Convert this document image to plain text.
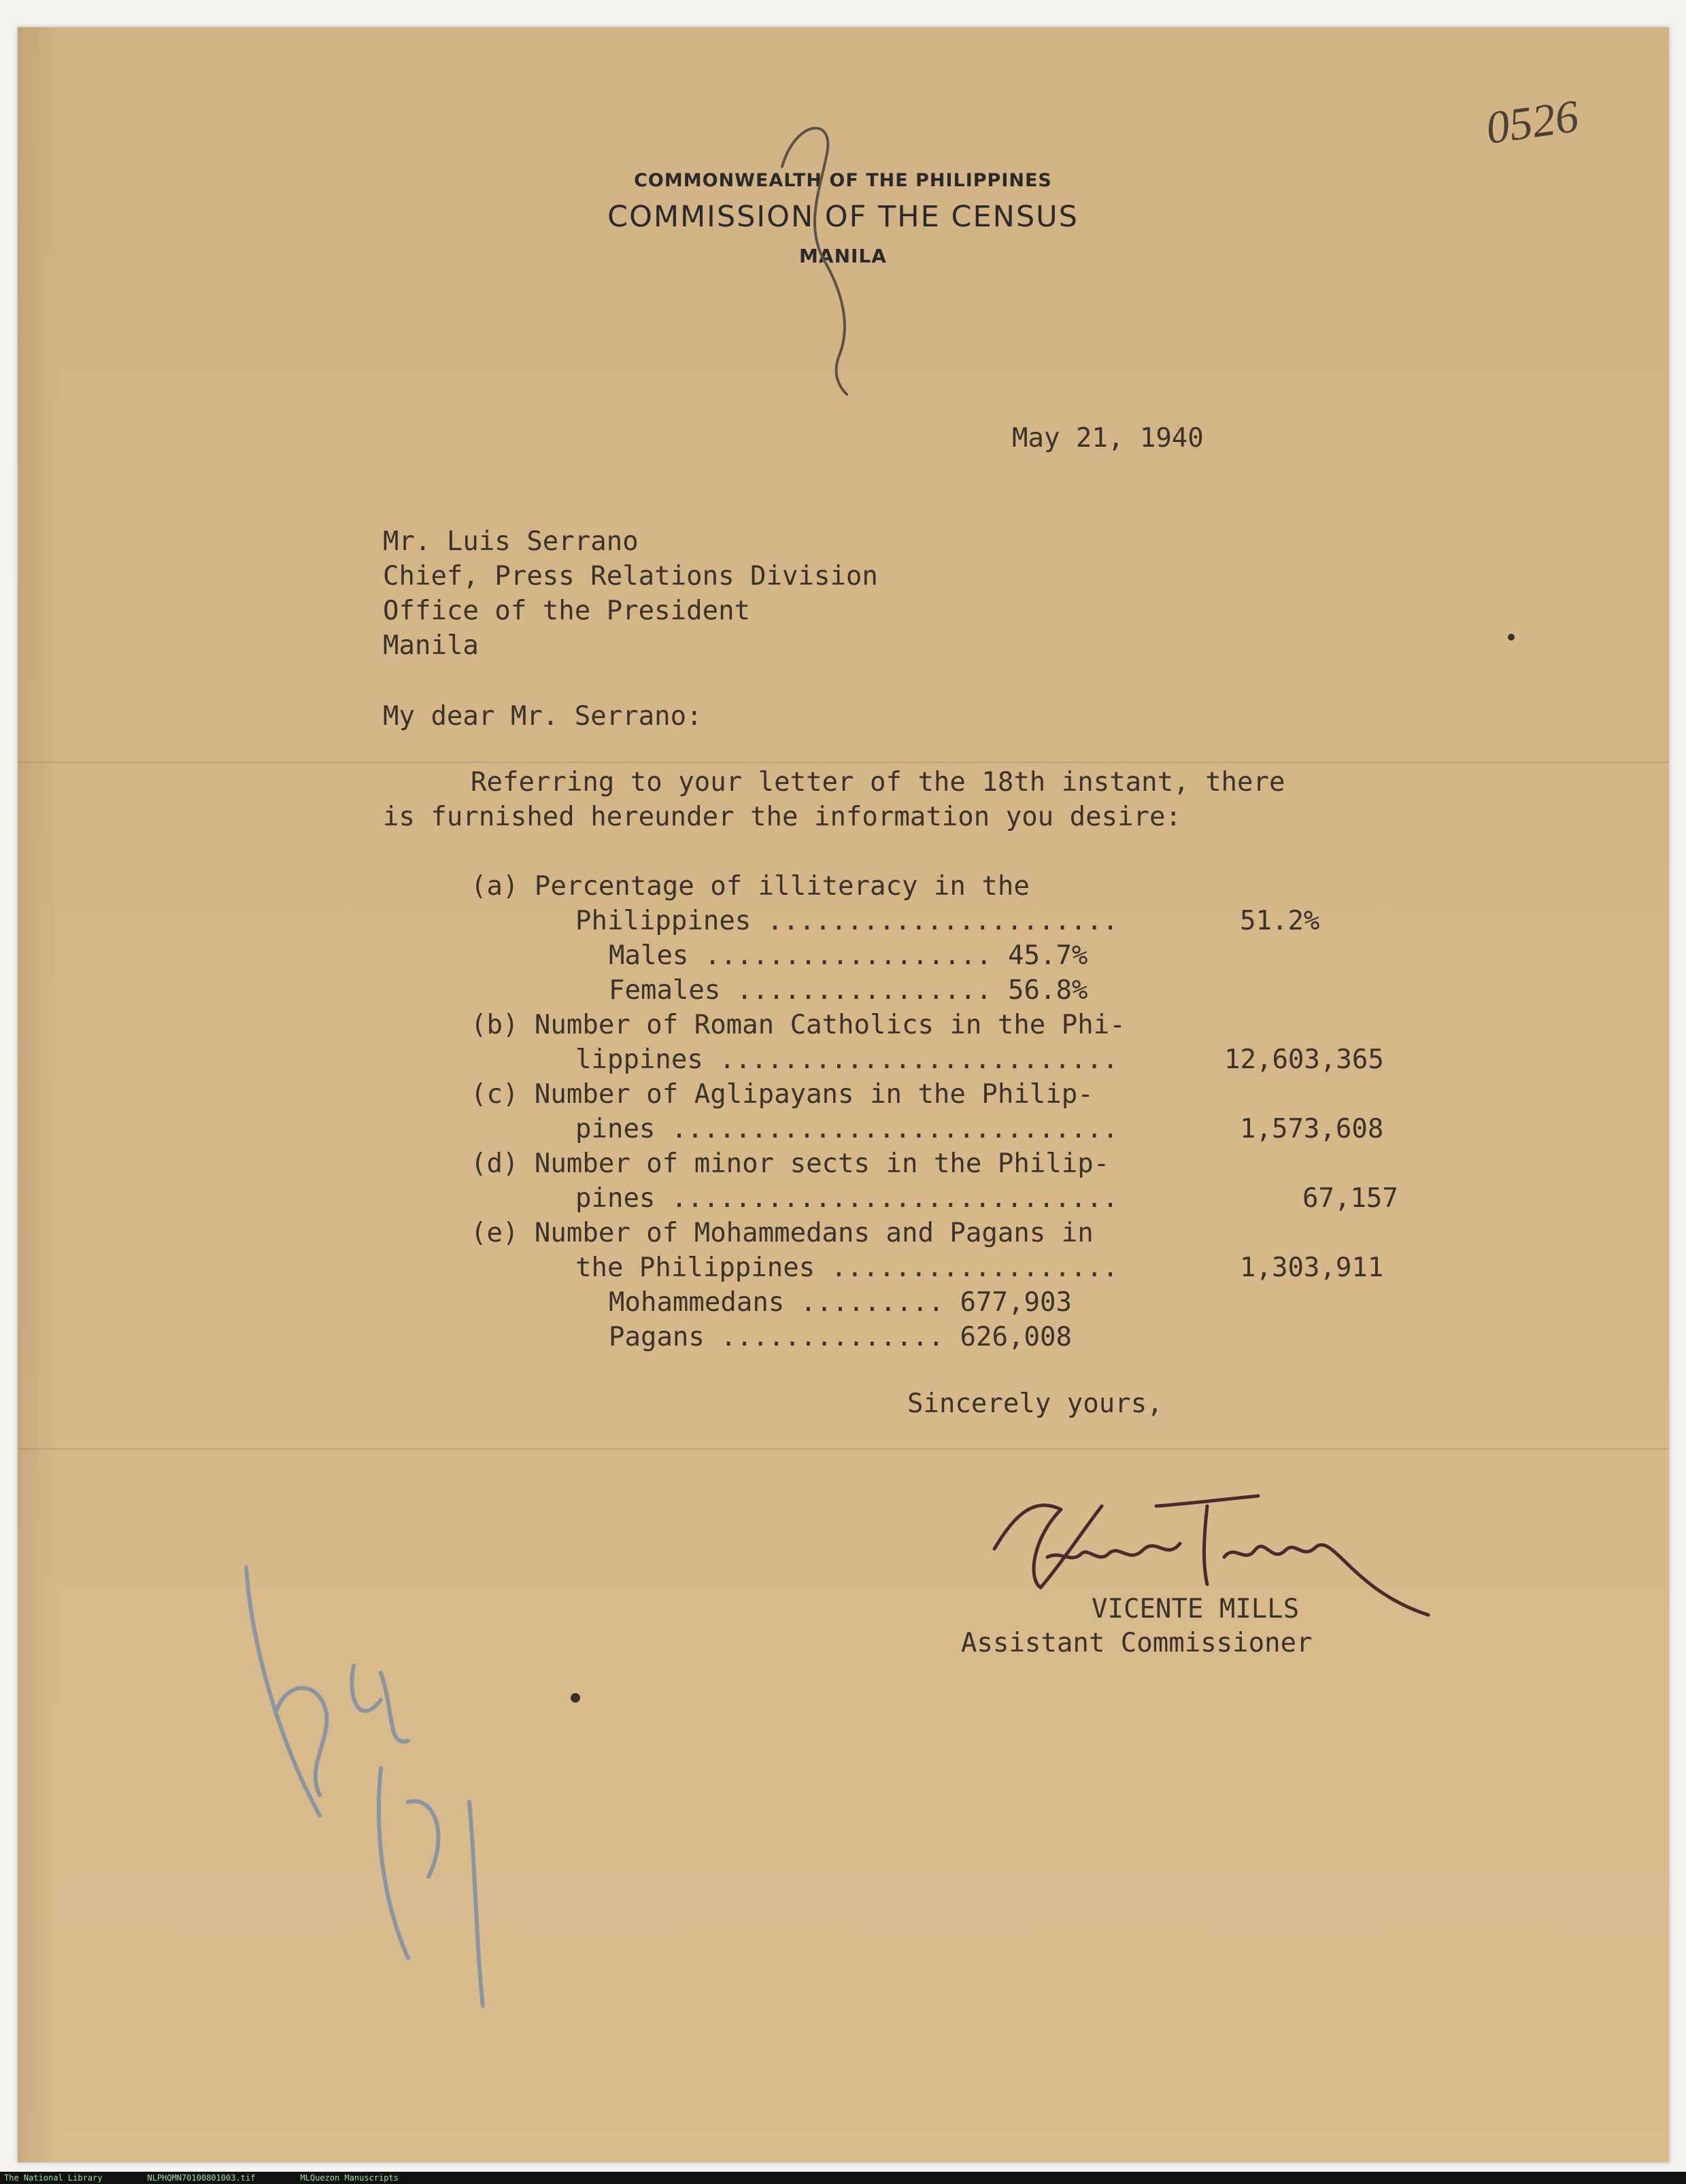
COMMONWEALTH OF THE PHILIPPINES
COMMISSION OF THE CENSUS
MANILA
0526
May 21, 1940
Mr. Luis Serrano
Chief, Press Relations Division
Office of the President
Manila
My dear Mr. Serrano:
Referring to your letter of the 18th instant, there
is furnished hereunder the information you desire:
(a) Percentage of illiteracy in the
Philippines ......................	51.2%
Males .................. 45.7%
Females ................ 56.8%
(b) Number of Roman Catholics in the Phi-
lippines .........................	12,603,365
(c) Number of Aglipayans in the Philip-
pines ............................	1,573,608
(d) Number of minor sects in the Philip-
pines ............................	67,157
(e) Number of Mohammedans and Pagans in
the Philippines ..................	1,303,911
Mohammedans ......... 677,903
Pagans .............. 626,008
Sincerely yours,
VICENTE MILLS
Assistant Commissioner
The National Library	NLPHQMN70100801003.tif	MLQuezon Manuscripts
